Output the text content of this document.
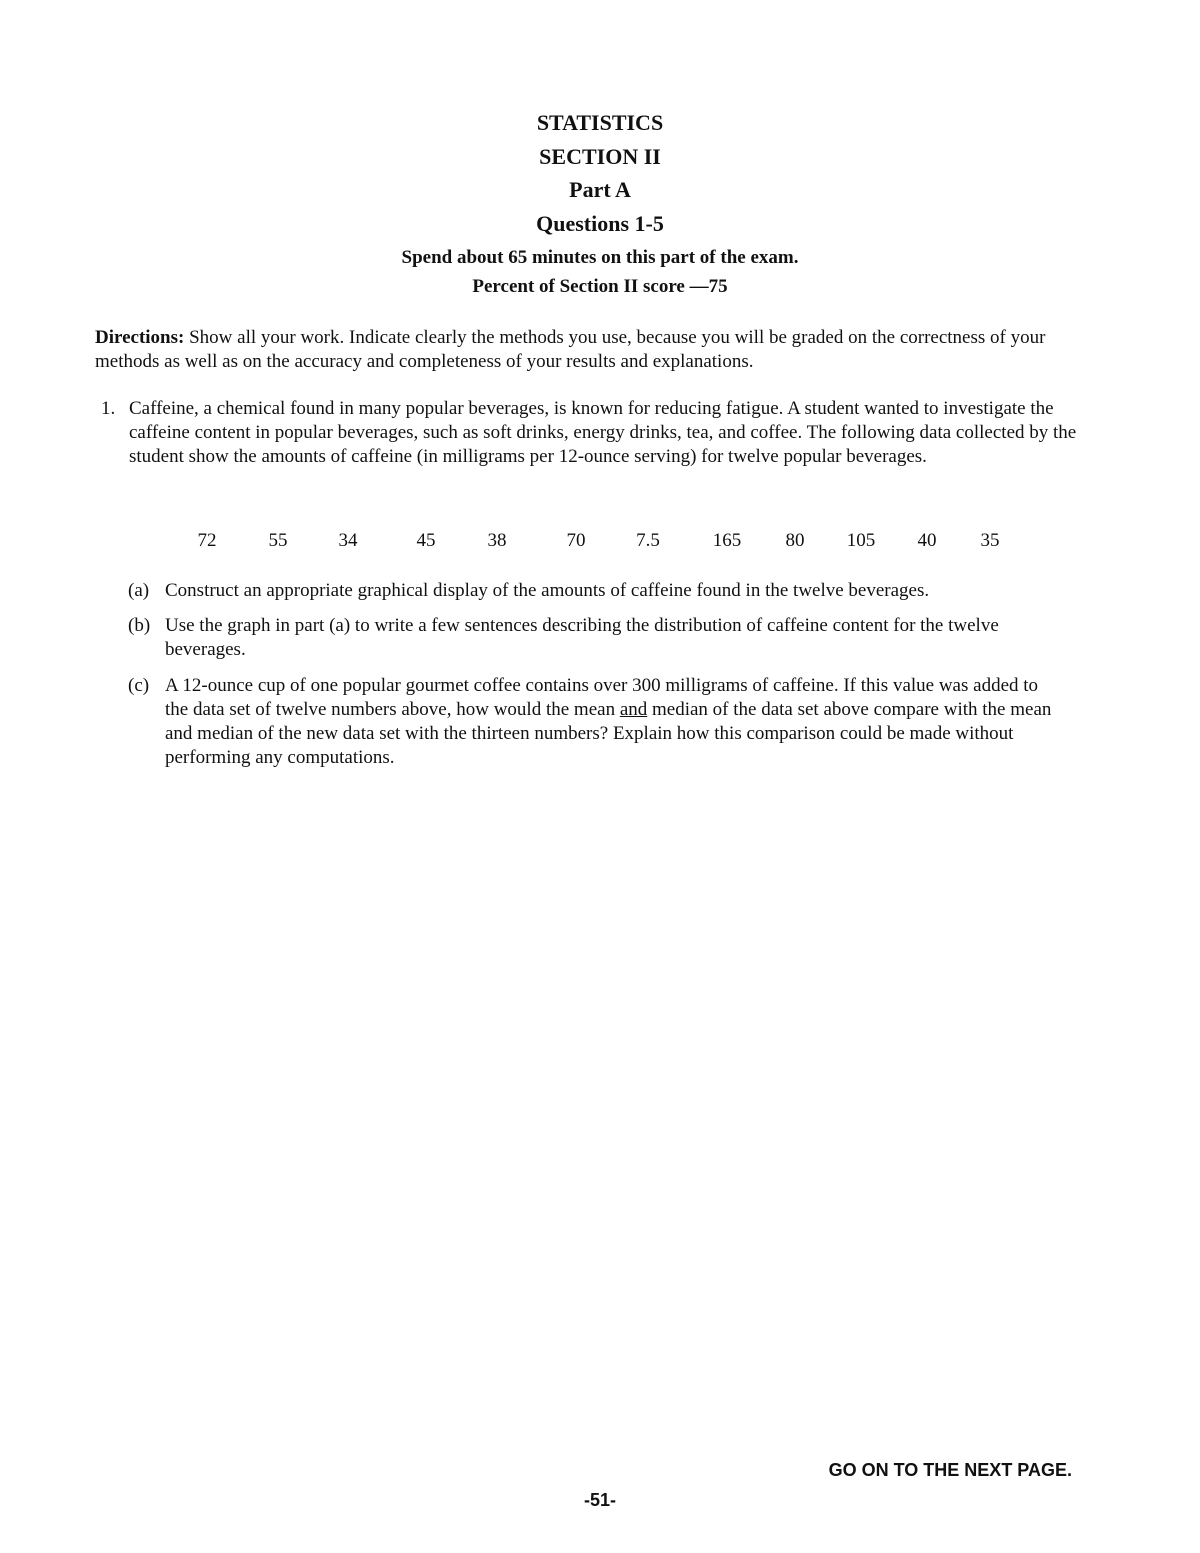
STATISTICS
SECTION II
Part A
Questions 1-5
Spend about 65 minutes on this part of the exam.
Percent of Section II score —75
Directions: Show all your work. Indicate clearly the methods you use, because you will be graded on the correctness of your methods as well as on the accuracy and completeness of your results and explanations.
1. Caffeine, a chemical found in many popular beverages, is known for reducing fatigue. A student wanted to investigate the caffeine content in popular beverages, such as soft drinks, energy drinks, tea, and coffee. The following data collected by the student show the amounts of caffeine (in milligrams per 12-ounce serving) for twelve popular beverages.
72	55	34	45	38	70	7.5	165 80 105 40 35
(a) Construct an appropriate graphical display of the amounts of caffeine found in the twelve beverages.
(b) Use the graph in part (a) to write a few sentences describing the distribution of caffeine content for the twelve beverages.
(c) A 12-ounce cup of one popular gourmet coffee contains over 300 milligrams of caffeine. If this value was added to the data set of twelve numbers above, how would the mean and median of the data set above compare with the mean and median of the new data set with the thirteen numbers? Explain how this comparison could be made without performing any computations.
GO ON TO THE NEXT PAGE.
-51-
